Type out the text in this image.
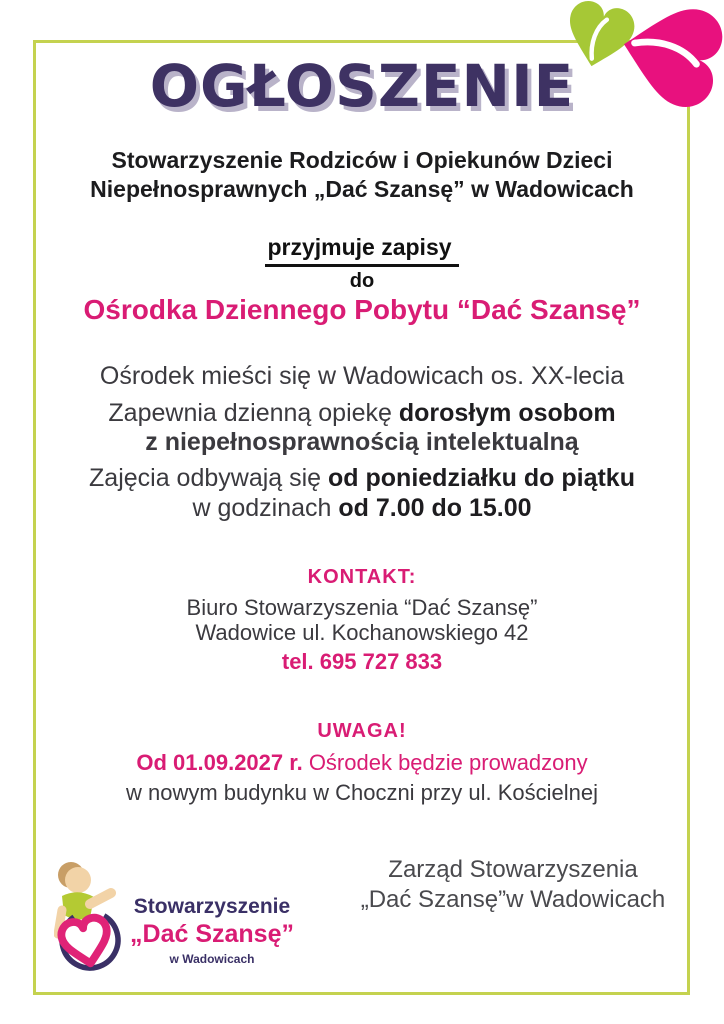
OGŁOSZENIE
Stowarzyszenie Rodziców i Opiekunów Dzieci
Niepełnosprawnych „Dać Szansę” w Wadowicach
przyjmuje zapisy
do
Ośrodka Dziennego Pobytu “Dać Szansę”
Ośrodek mieści się w Wadowicach os. XX-lecia
Zapewnia dzienną opiekę dorosłym osobom
z niepełnosprawnością intelektualną
Zajęcia odbywają się od poniedziałku do piątku
w godzinach od 7.00 do 15.00
KONTAKT:
Biuro Stowarzyszenia “Dać Szansę”
Wadowice ul. Kochanowskiego 42
tel. 695 727 833
UWAGA!
Od 01.09.2027 r. Ośrodek będzie prowadzony
w nowym budynku w Choczni przy ul. Kościelnej
Zarząd Stowarzyszenia
„Dać Szansę”w Wadowicach
Stowarzyszenie
„Dać Szansę”
w Wadowicach
